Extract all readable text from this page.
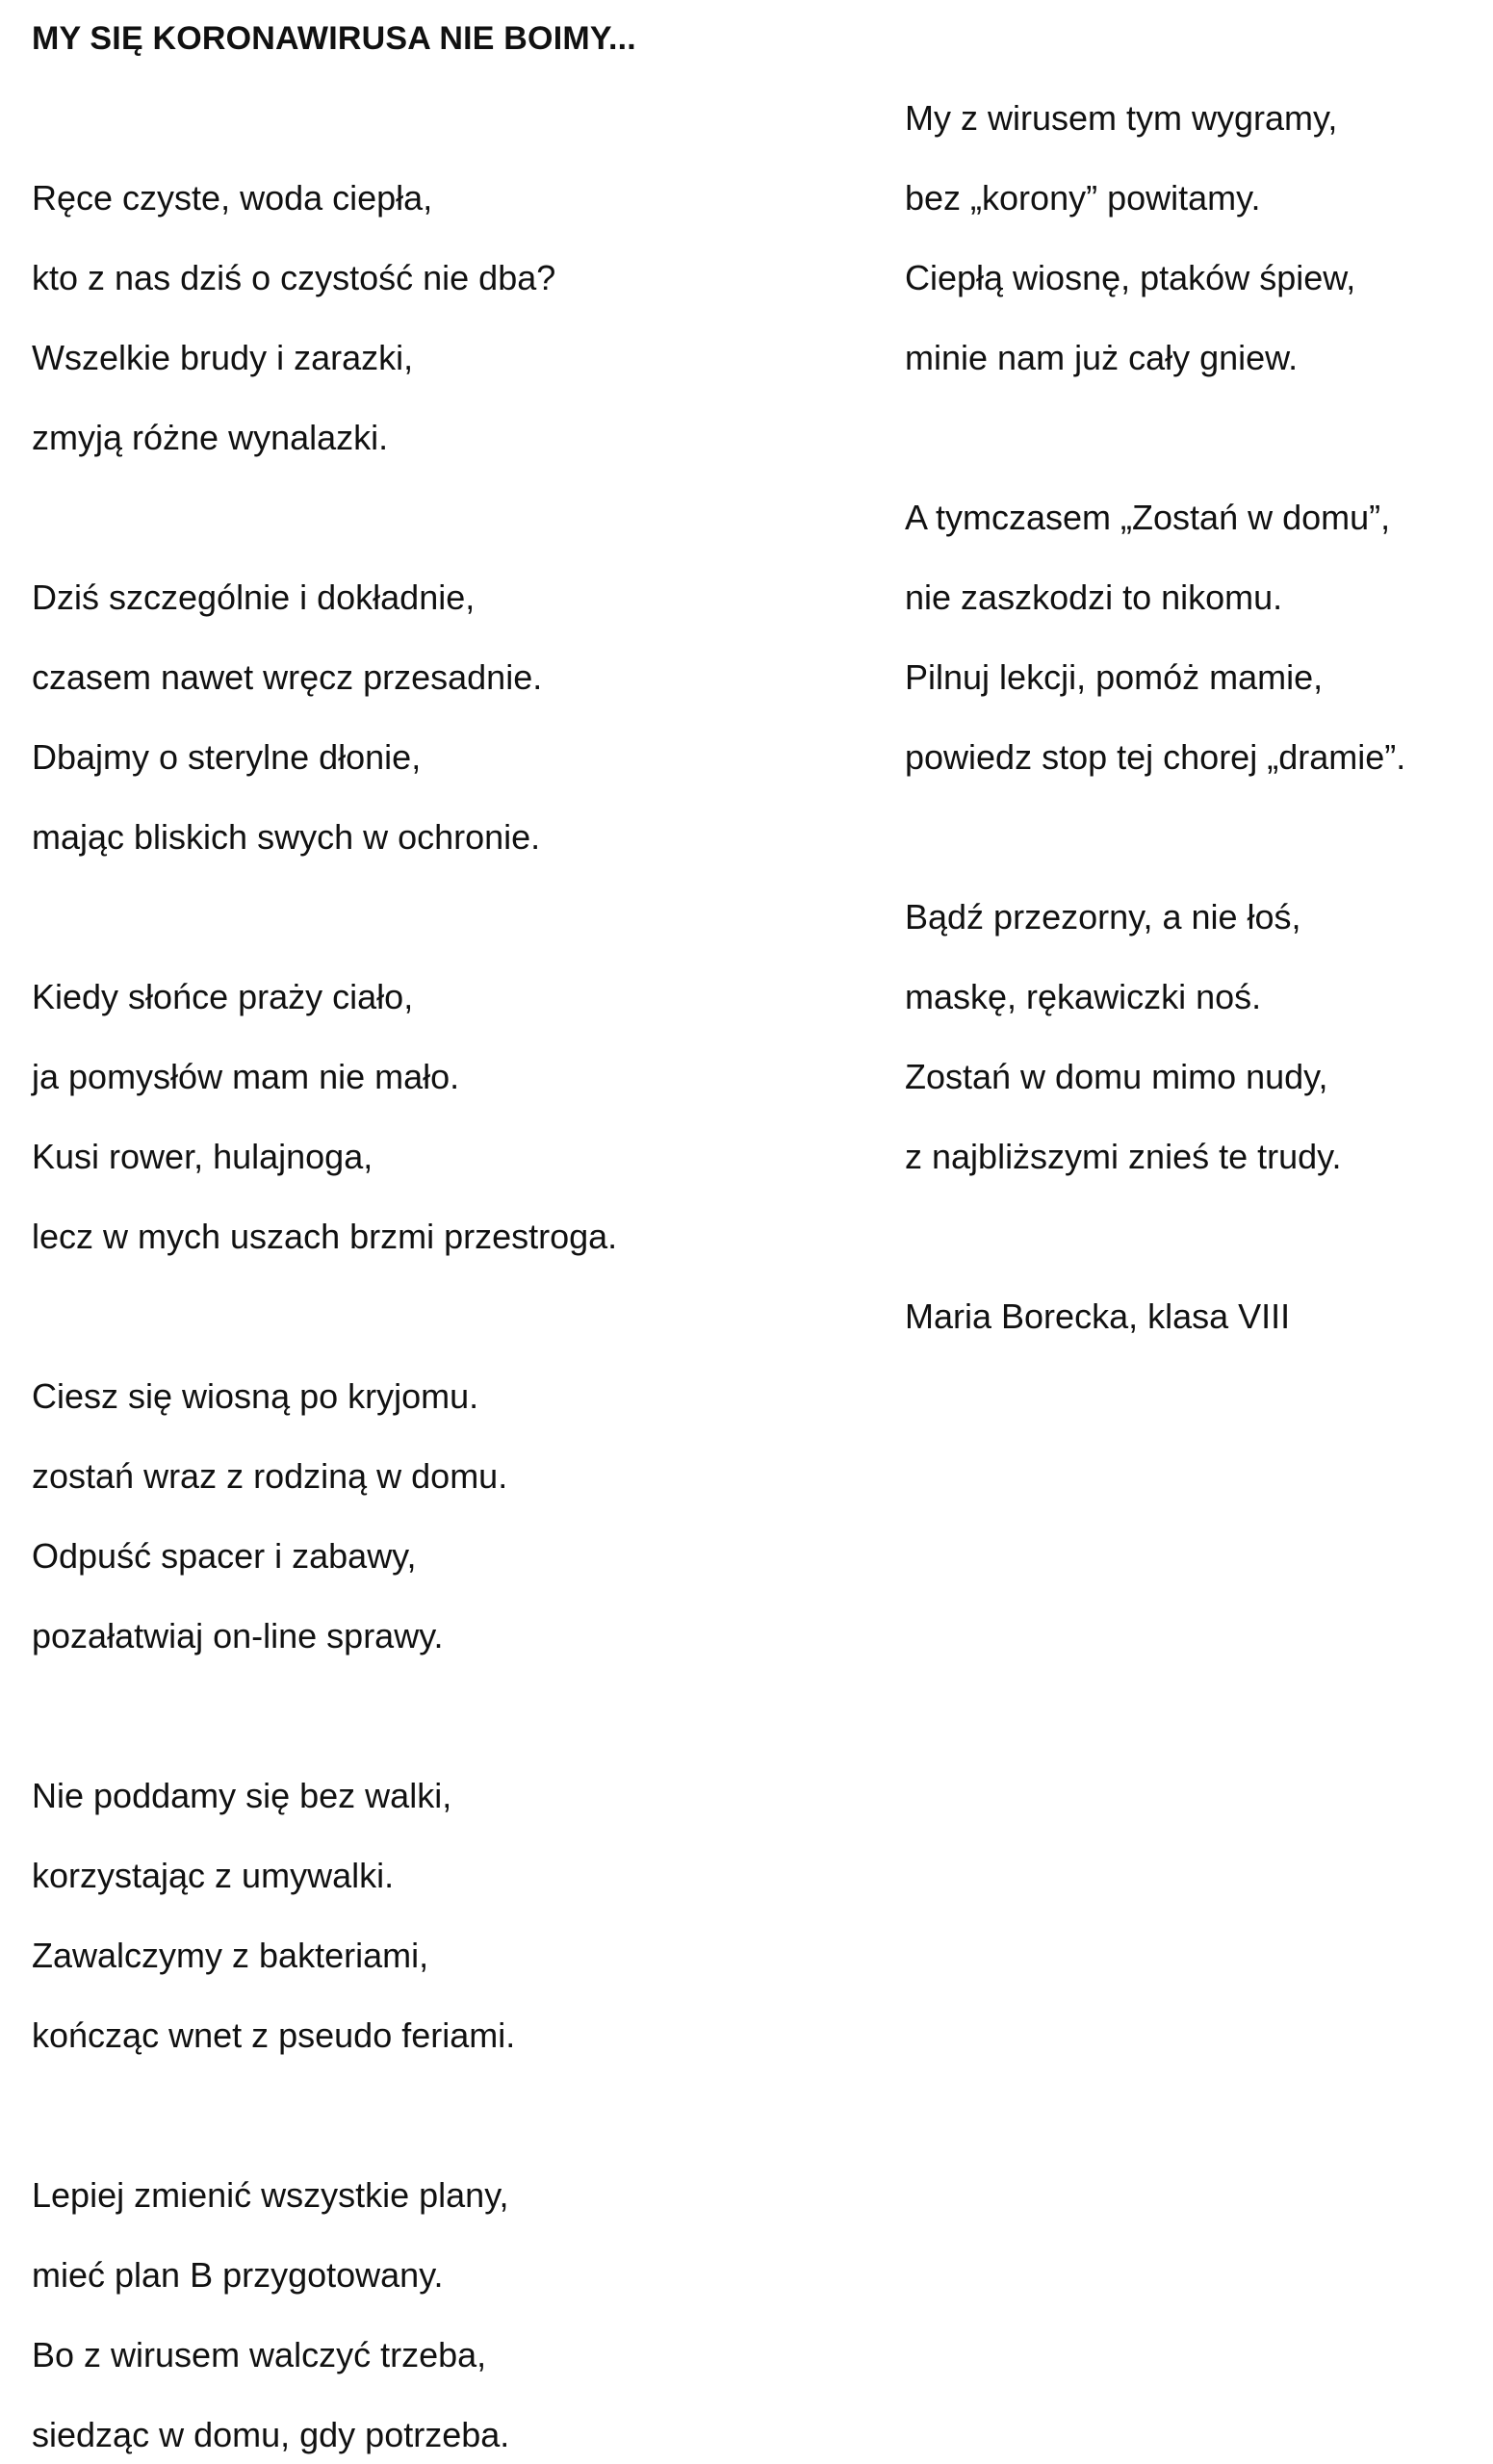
MY SIĘ KORONAWIRUSA NIE BOIMY...
Ręce czyste, woda ciepła,
kto z nas dziś o czystość nie dba?
Wszelkie brudy i zarazki,
zmyją różne wynalazki.
Dziś szczególnie i dokładnie,
czasem nawet wręcz przesadnie.
Dbajmy o sterylne dłonie,
mając bliskich swych w ochronie.
Kiedy słońce praży ciało,
ja pomysłów mam nie mało.
Kusi rower, hulajnoga,
lecz w mych uszach brzmi przestroga.
Ciesz się wiosną po kryjomu.
zostań wraz z rodziną w domu.
Odpuść spacer i zabawy,
pozałatwiaj on-line sprawy.
Nie poddamy się bez walki,
korzystając z umywalki.
Zawalczymy z bakteriami,
kończąc wnet z pseudo feriami.
Lepiej zmienić wszystkie plany,
mieć plan B przygotowany.
Bo z wirusem walczyć trzeba,
siedząc w domu, gdy potrzeba.
My z wirusem tym wygramy,
bez „korony” powitamy.
Ciepłą wiosnę, ptaków śpiew,
minie nam już cały gniew.
A tymczasem „Zostań w domu”,
nie zaszkodzi to nikomu.
Pilnuj lekcji, pomóż mamie,
powiedz stop tej chorej „dramie”.
Bądź przezorny, a nie łoś,
maskę, rękawiczki noś.
Zostań w domu mimo nudy,
z najbliższymi znieś te trudy.
Maria Borecka, klasa VIII
